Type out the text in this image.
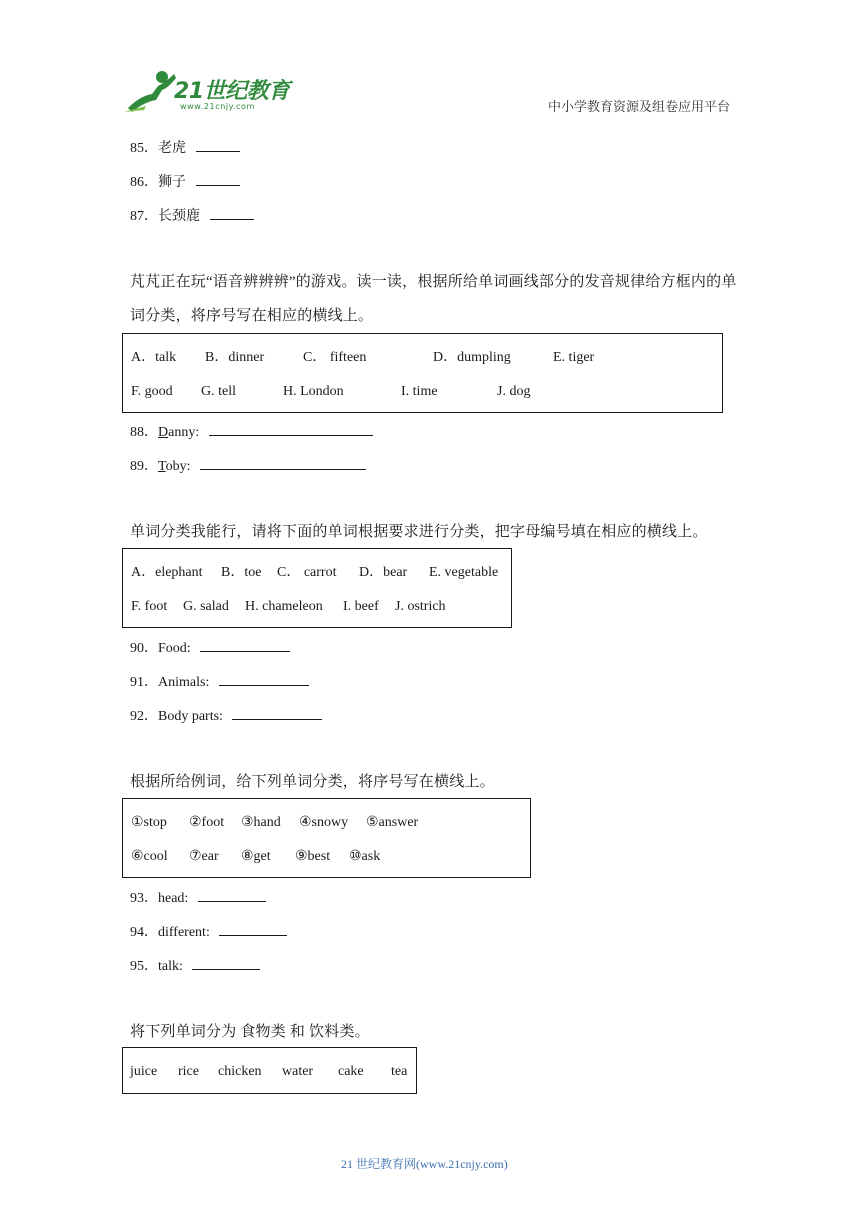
21世纪教育
www.21cnjy.com	中小学教育资源及组卷应用平台
85．老虎
86．狮子
87．长颈鹿
芃芃正在玩“语音辨辨辨”的游戏。读一读，根据所给单词画线部分的发音规律给方框内的单
词分类，将序号写在相应的横线上。
A．talk B．dinner	C． fifteen	D．dumpling	E. tiger
F. good G. tell	H. London	I. time	J. dog
88．Danny:
89．Toby:
单词分类我能行，请将下面的单词根据要求进行分类，把字母编号填在相应的横线上。
A．elephant B．toe C． carrot D．bear E. vegetable
F. foot G. salad H. chameleon I. beef J. ostrich
90．Food:
91．Animals:
92．Body parts:
根据所给例词，给下列单词分类，将序号写在横线上。
①stop ②foot ③hand ④snowy ⑤answer
⑥cool ⑦ear ⑧get ⑨best ⑩ask
93．head:
94．different:
95．talk:
将下列单词分为 食物类 和 饮料类。
juice rice chicken water cake tea
21 世纪教育网(www.21cnjy.com)
